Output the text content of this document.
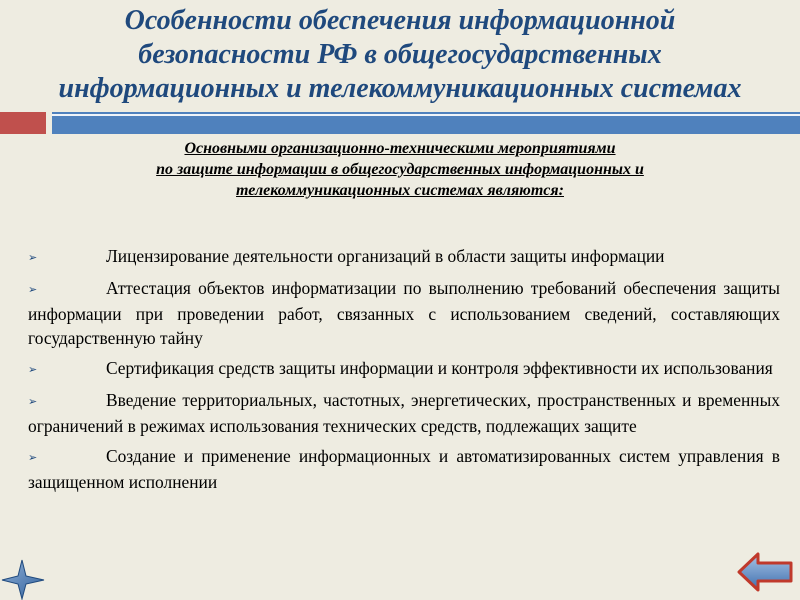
Особенности обеспечения информационной
безопасности РФ в общегосударственных
информационных и телекоммуникационных системах
Основными организационно-техническими мероприятиями
по защите информации в общегосударственных информационных и
телекоммуникационных системах являются:
➢	Лицензирование деятельности организаций в области защиты информации
➢	Аттестация объектов информатизации по выполнению требований обеспечения защиты информации при проведении работ, связанных с использованием сведений, составляющих государственную тайну
➢	Сертификация средств защиты информации и контроля эффективности их использования
➢	Введение территориальных, частотных, энергетических, пространственных и временных ограничений в режимах использования технических средств, подлежащих защите
➢	Создание и применение информационных и автоматизированных систем управления в защищенном исполнении
